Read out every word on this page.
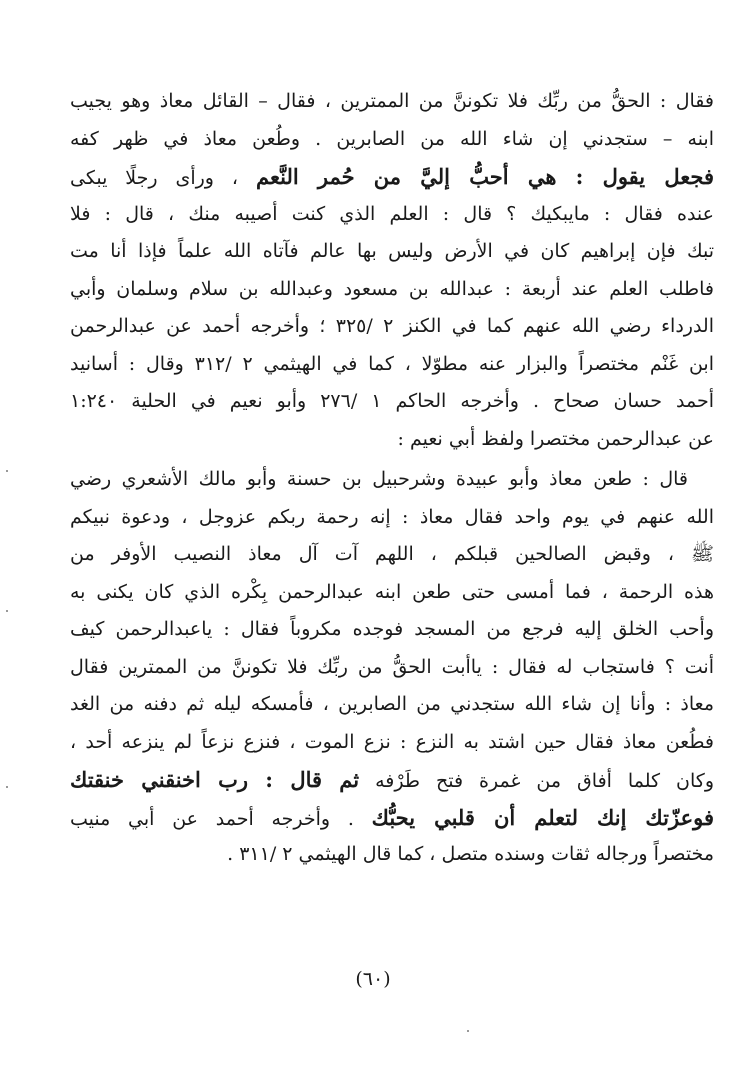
فقال : الحقُّ من ربِّك فلا تكوننَّ من الممترين ، فقال – القائل معاذ وهو يجيب
ابنه – ستجدني إن شاء الله من الصابرين . وطُعن معاذ في ظهر كفه
فجعل يقول : هي أحبُّ إليَّ من حُمر النَّعم ، ورأى رجلًا يبكى
عنده فقال : مايبكيك ؟ قال : العلم الذي كنت أصيبه منك ، قال : فلا
تبك فإن إبراهيم كان في الأرض وليس بها عالم فآتاه الله علماً فإذا أنا مت
فاطلب العلم عند أربعة : عبدالله بن مسعود وعبدالله بن سلام وسلمان وأبي
الدرداء رضي الله عنهم كما في الكنز ٢ /٣٢٥ ؛ وأخرجه أحمد عن عبدالرحمن
ابن غَنْم مختصراً والبزار عنه مطوّلا ، كما في الهيثمي ٢ /٣١٢ وقال : أسانيد
أحمد حسان صحاح . وأخرجه الحاكم ١ /٢٧٦ وأبو نعيم في الحلية ١:٢٤٠
عن عبدالرحمن مختصرا ولفظ أبي نعيم :
قال : طعن معاذ وأبو عبيدة وشرحبيل بن حسنة وأبو مالك الأشعري رضي
الله عنهم في يوم واحد فقال معاذ : إنه رحمة ربكم عزوجل ، ودعوة نبيكم
ﷺ ، وقبض الصالحين قبلكم ، اللهم آت آل معاذ النصيب الأوفر من
هذه الرحمة ، فما أمسى حتى طعن ابنه عبدالرحمن بِكْره الذي كان يكنى به
وأحب الخلق إليه فرجع من المسجد فوجده مكروباً فقال : ياعبدالرحمن كيف
أنت ؟ فاستجاب له فقال : ياأبت الحقُّ من ربِّك فلا تكوننَّ من الممترين فقال
معاذ : وأنا إن شاء الله ستجدني من الصابرين ، فأمسكه ليله ثم دفنه من الغد
فطُعن معاذ فقال حين اشتد به النزع : نزع الموت ، فنزع نزعاً لم ينزعه أحد ،
وكان كلما أفاق من غمرة فتح طَرْفه ثم قال : رب اخنقني خنقتك
فوعزّتك إنك لتعلم أن قلبي يحبُّك . وأخرجه أحمد عن أبي منيب
مختصراً ورجاله ثقات وسنده متصل ، كما قال الهيثمي ٢ /٣١١ .
(٦٠)
